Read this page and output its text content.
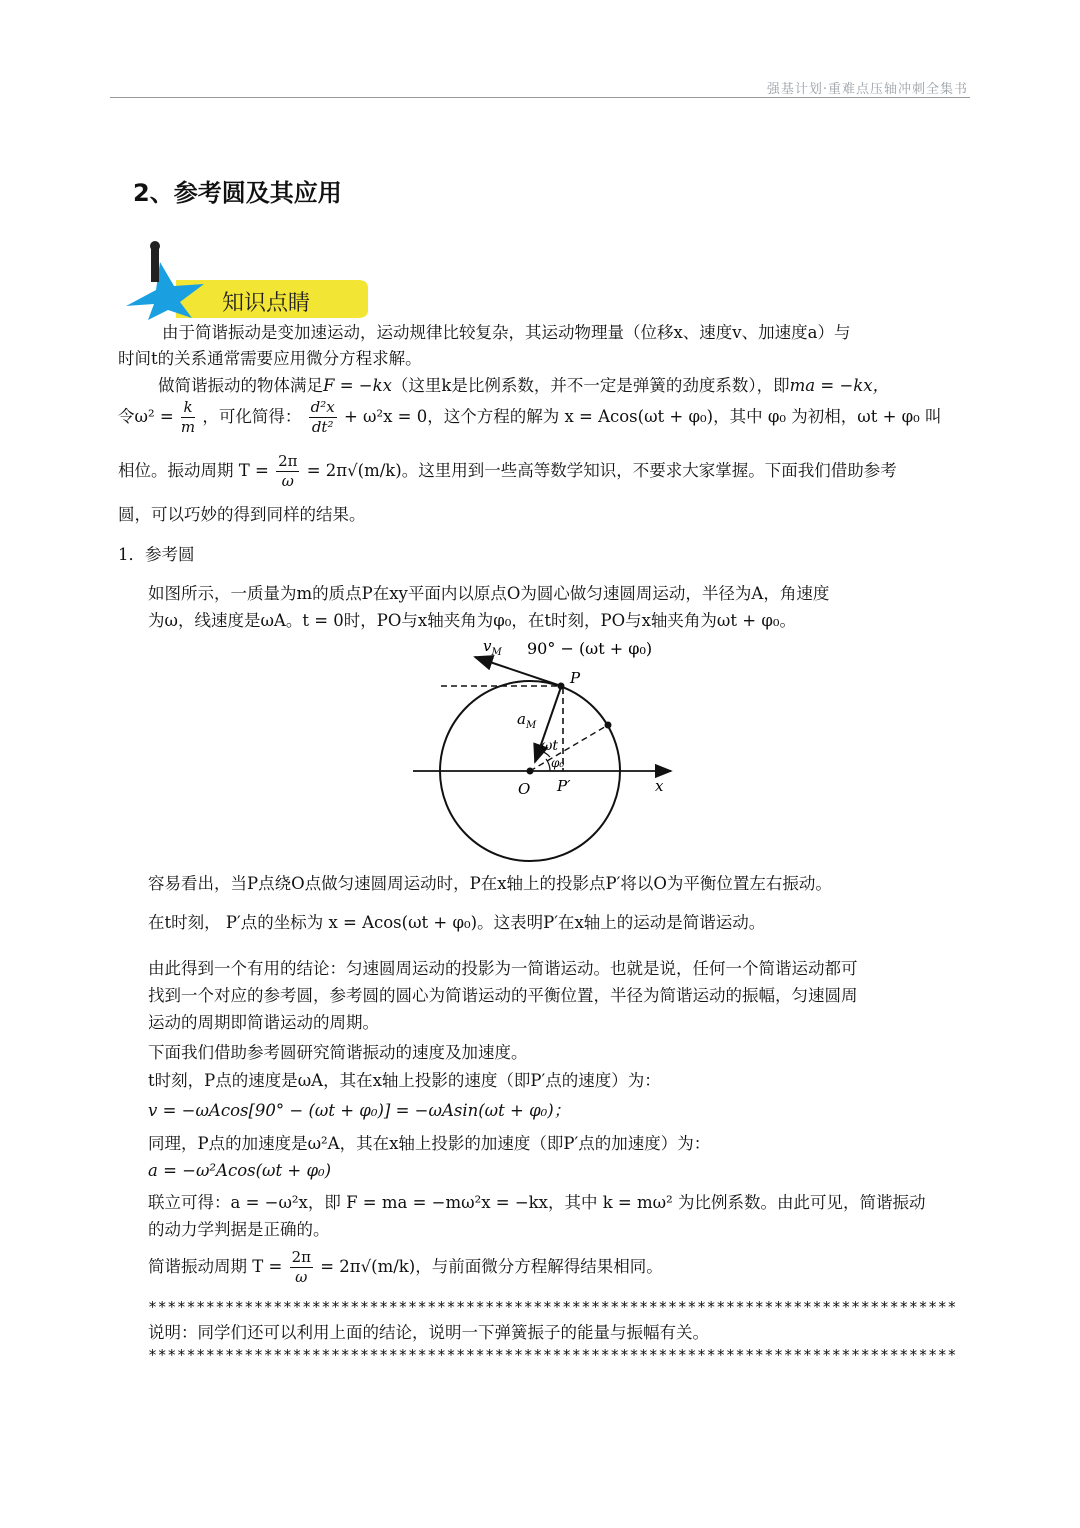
强基计划·重难点压轴冲刺全集书
2、参考圆及其应用
知识点睛
由于简谐振动是变加速运动，运动规律比较复杂，其运动物理量（位移x、速度v、加速度a）与
时间t的关系通常需要应用微分方程求解。
做简谐振动的物体满足F = −kx（这里k是比例系数，并不一定是弹簧的劲度系数），即ma = −kx，
令$\omega^2 = \frac{k}{m}$ ，可化简得： $\frac{\text{d²x}}{\text{dt²}} + \omega^2x = 0$，这个方程的解为 x = Acos(ωt + φ₀)，其中 φ₀ 为初相，ωt + φ₀ 叫
相位。振动周期 $T = \frac{2\pi}{\omega} = 2\pi√(m/k)$。这里用到一些高等数学知识，不要求大家掌握。下面我们借助参考
圆，可以巧妙的得到同样的结果。
1．参考圆
如图所示，一质量为m的质点P在xy平面内以原点O为圆心做匀速圆周运动，半径为A，角速度
为ω，线速度是ωA。t = 0时，PO与x轴夹角为φ₀，在t时刻，PO与x轴夹角为ωt + φ₀。
$v_M$ 90° − (ωt + φ₀)
P
$a_M$
ωt
φ₀
O P′	x
容易看出，当P点绕O点做匀速圆周运动时，P在x轴上的投影点P′将以O为平衡位置左右振动。
在t时刻， P′点的坐标为 x = Acos(ωt + φ₀)。这表明P′在x轴上的运动是简谐运动。
由此得到一个有用的结论：匀速圆周运动的投影为一简谐运动。也就是说，任何一个简谐运动都可
找到一个对应的参考圆，参考圆的圆心为简谐运动的平衡位置，半径为简谐运动的振幅，匀速圆周
运动的周期即简谐运动的周期。
下面我们借助参考圆研究简谐振动的速度及加速度。
t时刻，P点的速度是ωA，其在x轴上投影的速度（即P′点的速度）为：
v = −ωAcos[90° − (ωt + φ₀)] = −ωAsin(ωt + φ₀)；
同理，P点的加速度是ω²A，其在x轴上投影的加速度（即P′点的加速度）为：
a = −ω²Acos(ωt + φ₀)
联立可得：a = −ω²x，即 F = ma = −mω²x = −kx，其中 k = mω² 为比例系数。由此可见，简谐振动
的动力学判据是正确的。
简谐振动周期 $T = \frac{2\pi}{\omega} = 2\pi√(m/k)$，与前面微分方程解得结果相同。
************************************************************************************
说明：同学们还可以利用上面的结论，说明一下弹簧振子的能量与振幅有关。
************************************************************************************
